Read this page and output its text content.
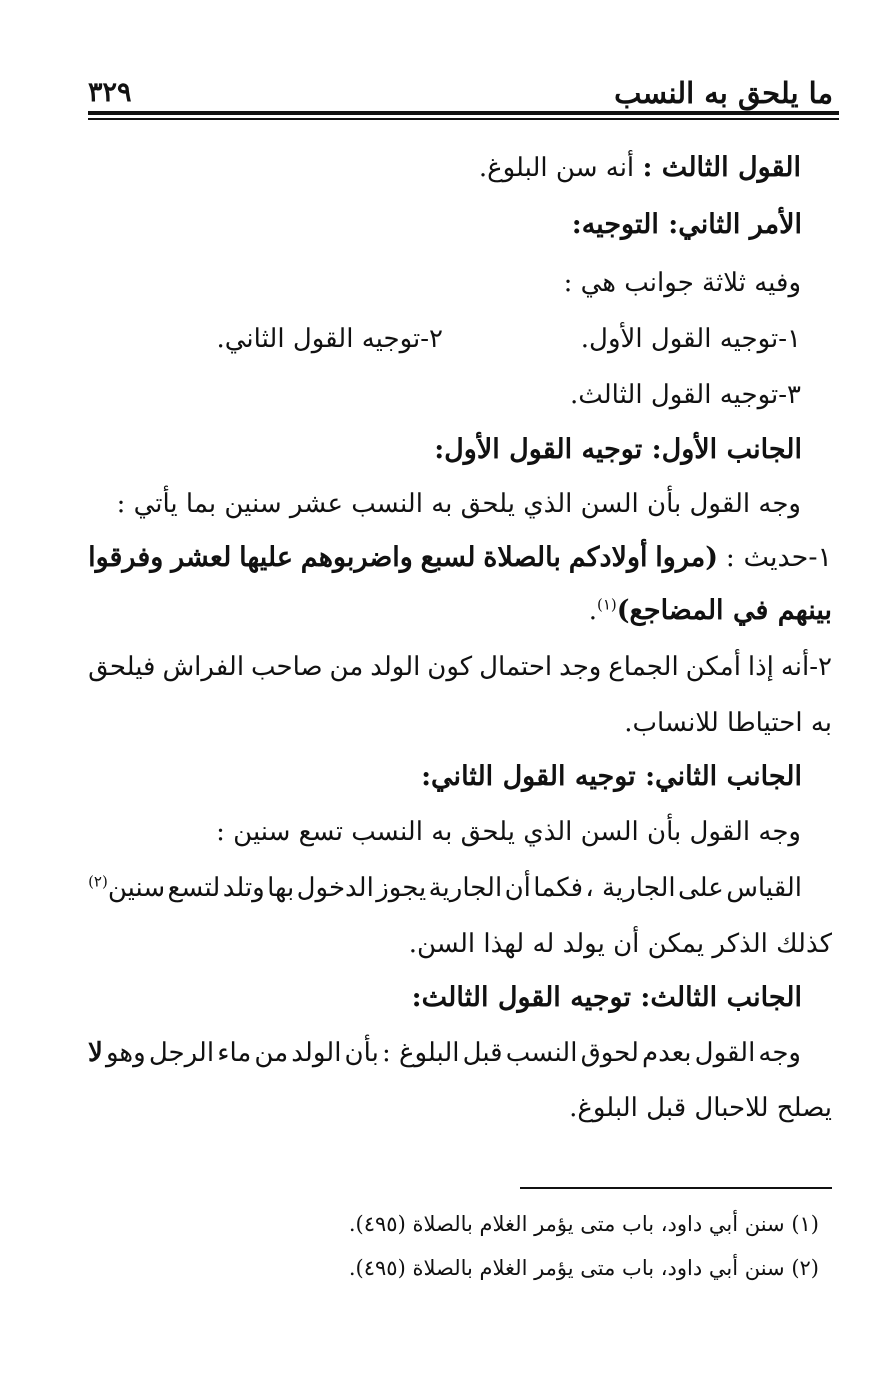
ما يلحق به النسب
٣٢٩
القول الثالث : أنه سن البلوغ.
الأمر الثاني: التوجيه:
وفيه ثلاثة جوانب هي :
١-توجيه القول الأول.
٢-توجيه القول الثاني.
٣-توجيه القول الثالث.
الجانب الأول: توجيه القول الأول:
وجه القول بأن السن الذي يلحق به النسب عشر سنين بما يأتي :
١-حديث :
(مروا
أولادكم
بالصلاة
لسبع
واضربوهم
عليها
لعشر
وفرقوا
بينهم في المضاجع)$^{(١)}$.
٢-أنه
إذا
أمكن
الجماع
وجد
احتمال
كون
الولد
من
صاحب
الفراش
فيلحق
به احتياطا للانساب.
الجانب الثاني: توجيه القول الثاني:
وجه القول بأن السن الذي يلحق به النسب تسع سنين :
القياس
على
الجارية ،
فكما
أن
الجارية
يجوز
الدخول
بها
وتلد
لتسع
سنين$^{(٢)}$
كذلك الذكر يمكن أن يولد له لهذا السن.
الجانب الثالث: توجيه القول الثالث:
وجه
القول
بعدم
لحوق
النسب
قبل
البلوغ :
بأن
الولد
من
ماء
الرجل
وهو
لا
يصلح للاحبال قبل البلوغ.
(١) سنن أبي داود، باب متى يؤمر الغلام بالصلاة (٤٩٥).
(٢) سنن أبي داود، باب متى يؤمر الغلام بالصلاة (٤٩٥).
